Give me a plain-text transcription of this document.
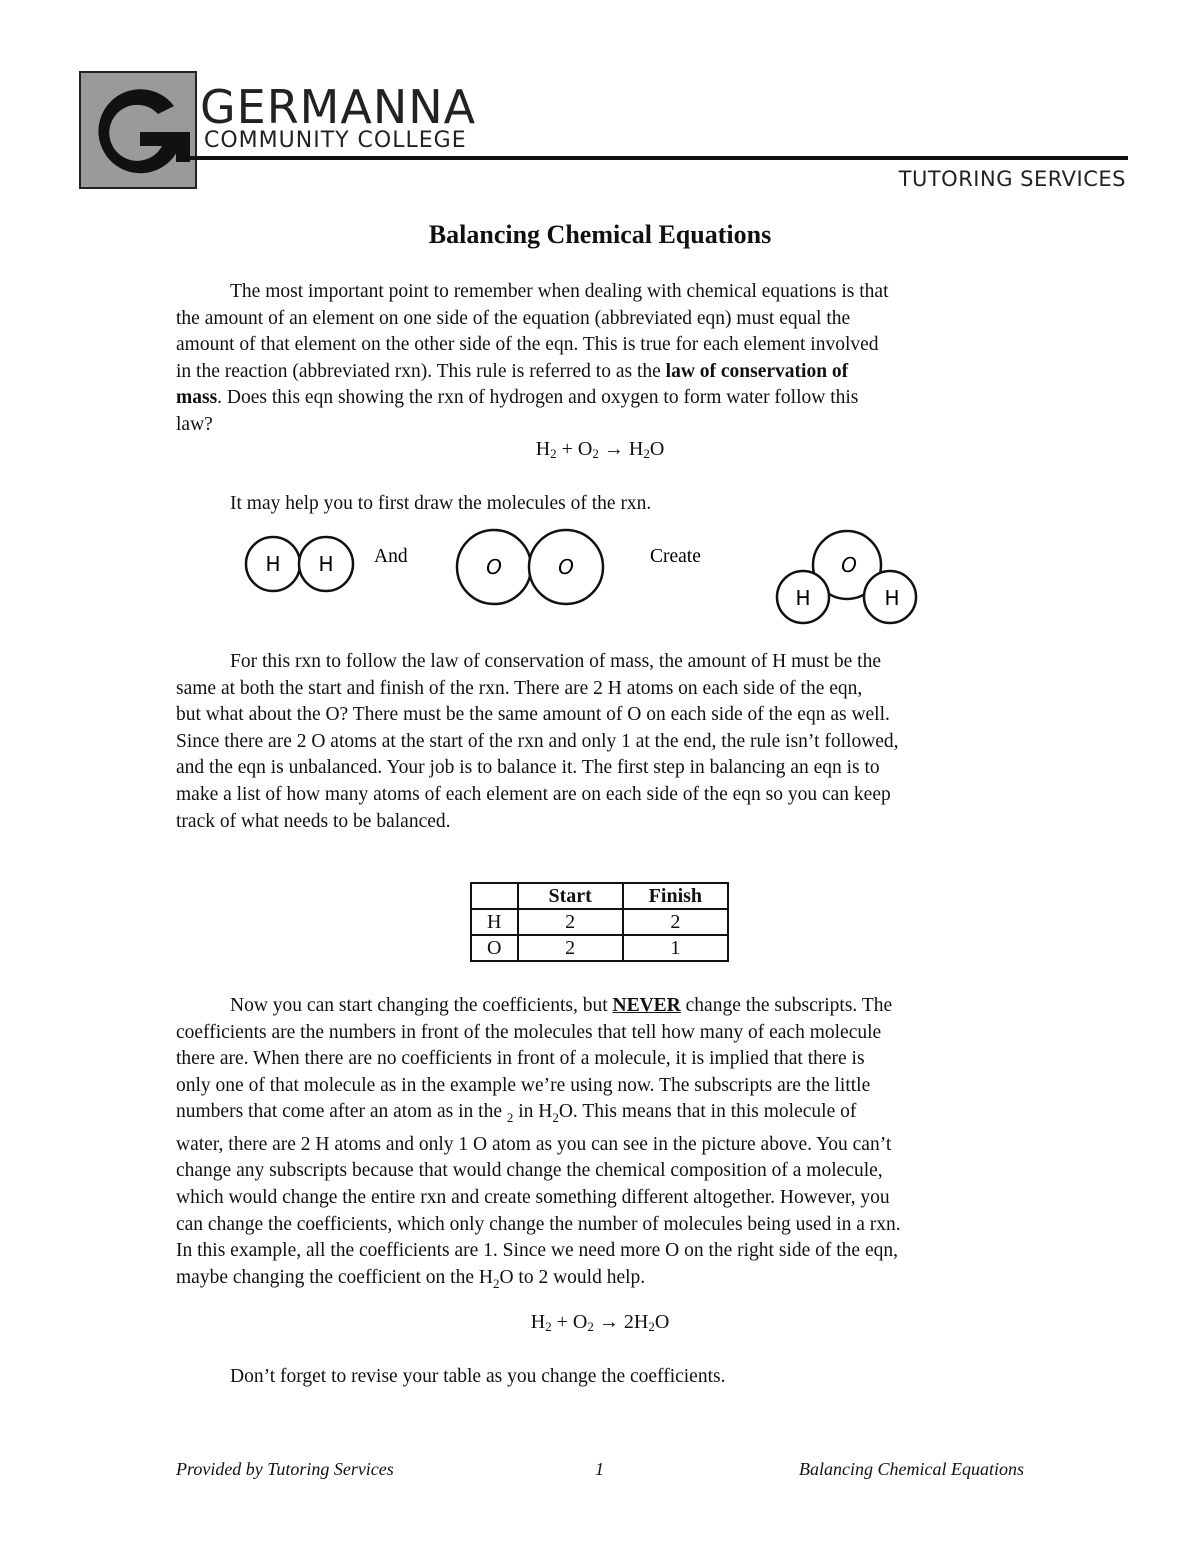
GERMANNA
COMMUNITY COLLEGE
TUTORING SERVICES
Balancing Chemical Equations

The most important point to remember when dealing with chemical equations is that
the amount of an element on one side of the equation (abbreviated eqn) must equal the
amount of that element on the other side of the eqn. This is true for each element involved
in the reaction (abbreviated rxn). This rule is referred to as the law of conservation of
mass. Does this eqn showing the rxn of hydrogen and oxygen to form water follow this
law?

$H_2 + O_2 \to H_2O$

It may help you to first draw the molecules of the rxn.

H H And	O	O	Create	O
H	H

For this rxn to follow the law of conservation of mass, the amount of H must be the
same at both the start and finish of the rxn. There are 2 H atoms on each side of the eqn,
but what about the O? There must be the same amount of O on each side of the eqn as well.
Since there are 2 O atoms at the start of the rxn and only 1 at the end, the rule isn’t followed,
and the eqn is unbalanced. Your job is to balance it. The first step in balancing an eqn is to
make a list of how many atoms of each element are on each side of the eqn so you can keep
track of what needs to be balanced.

	Start	Finish
H	2	2
O	2	1

Now you can start changing the coefficients, but NEVER change the subscripts. The
coefficients are the numbers in front of the molecules that tell how many of each molecule
there are. When there are no coefficients in front of a molecule, it is implied that there is
only one of that molecule as in the example we’re using now. The subscripts are the little
numbers that come after an atom as in the $_2$ in $H_2O$. This means that in this molecule of
water, there are 2 H atoms and only 1 O atom as you can see in the picture above. You can’t
change any subscripts because that would change the chemical composition of a molecule,
which would change the entire rxn and create something different altogether. However, you
can change the coefficients, which only change the number of molecules being used in a rxn.
In this example, all the coefficients are 1. Since we need more O on the right side of the eqn,
maybe changing the coefficient on the $H_2O$ to 2 would help.

$H_2 + O_2 \to 2H_2O$

Don’t forget to revise your table as you change the coefficients.

Provided by Tutoring Services	1	Balancing Chemical Equations
